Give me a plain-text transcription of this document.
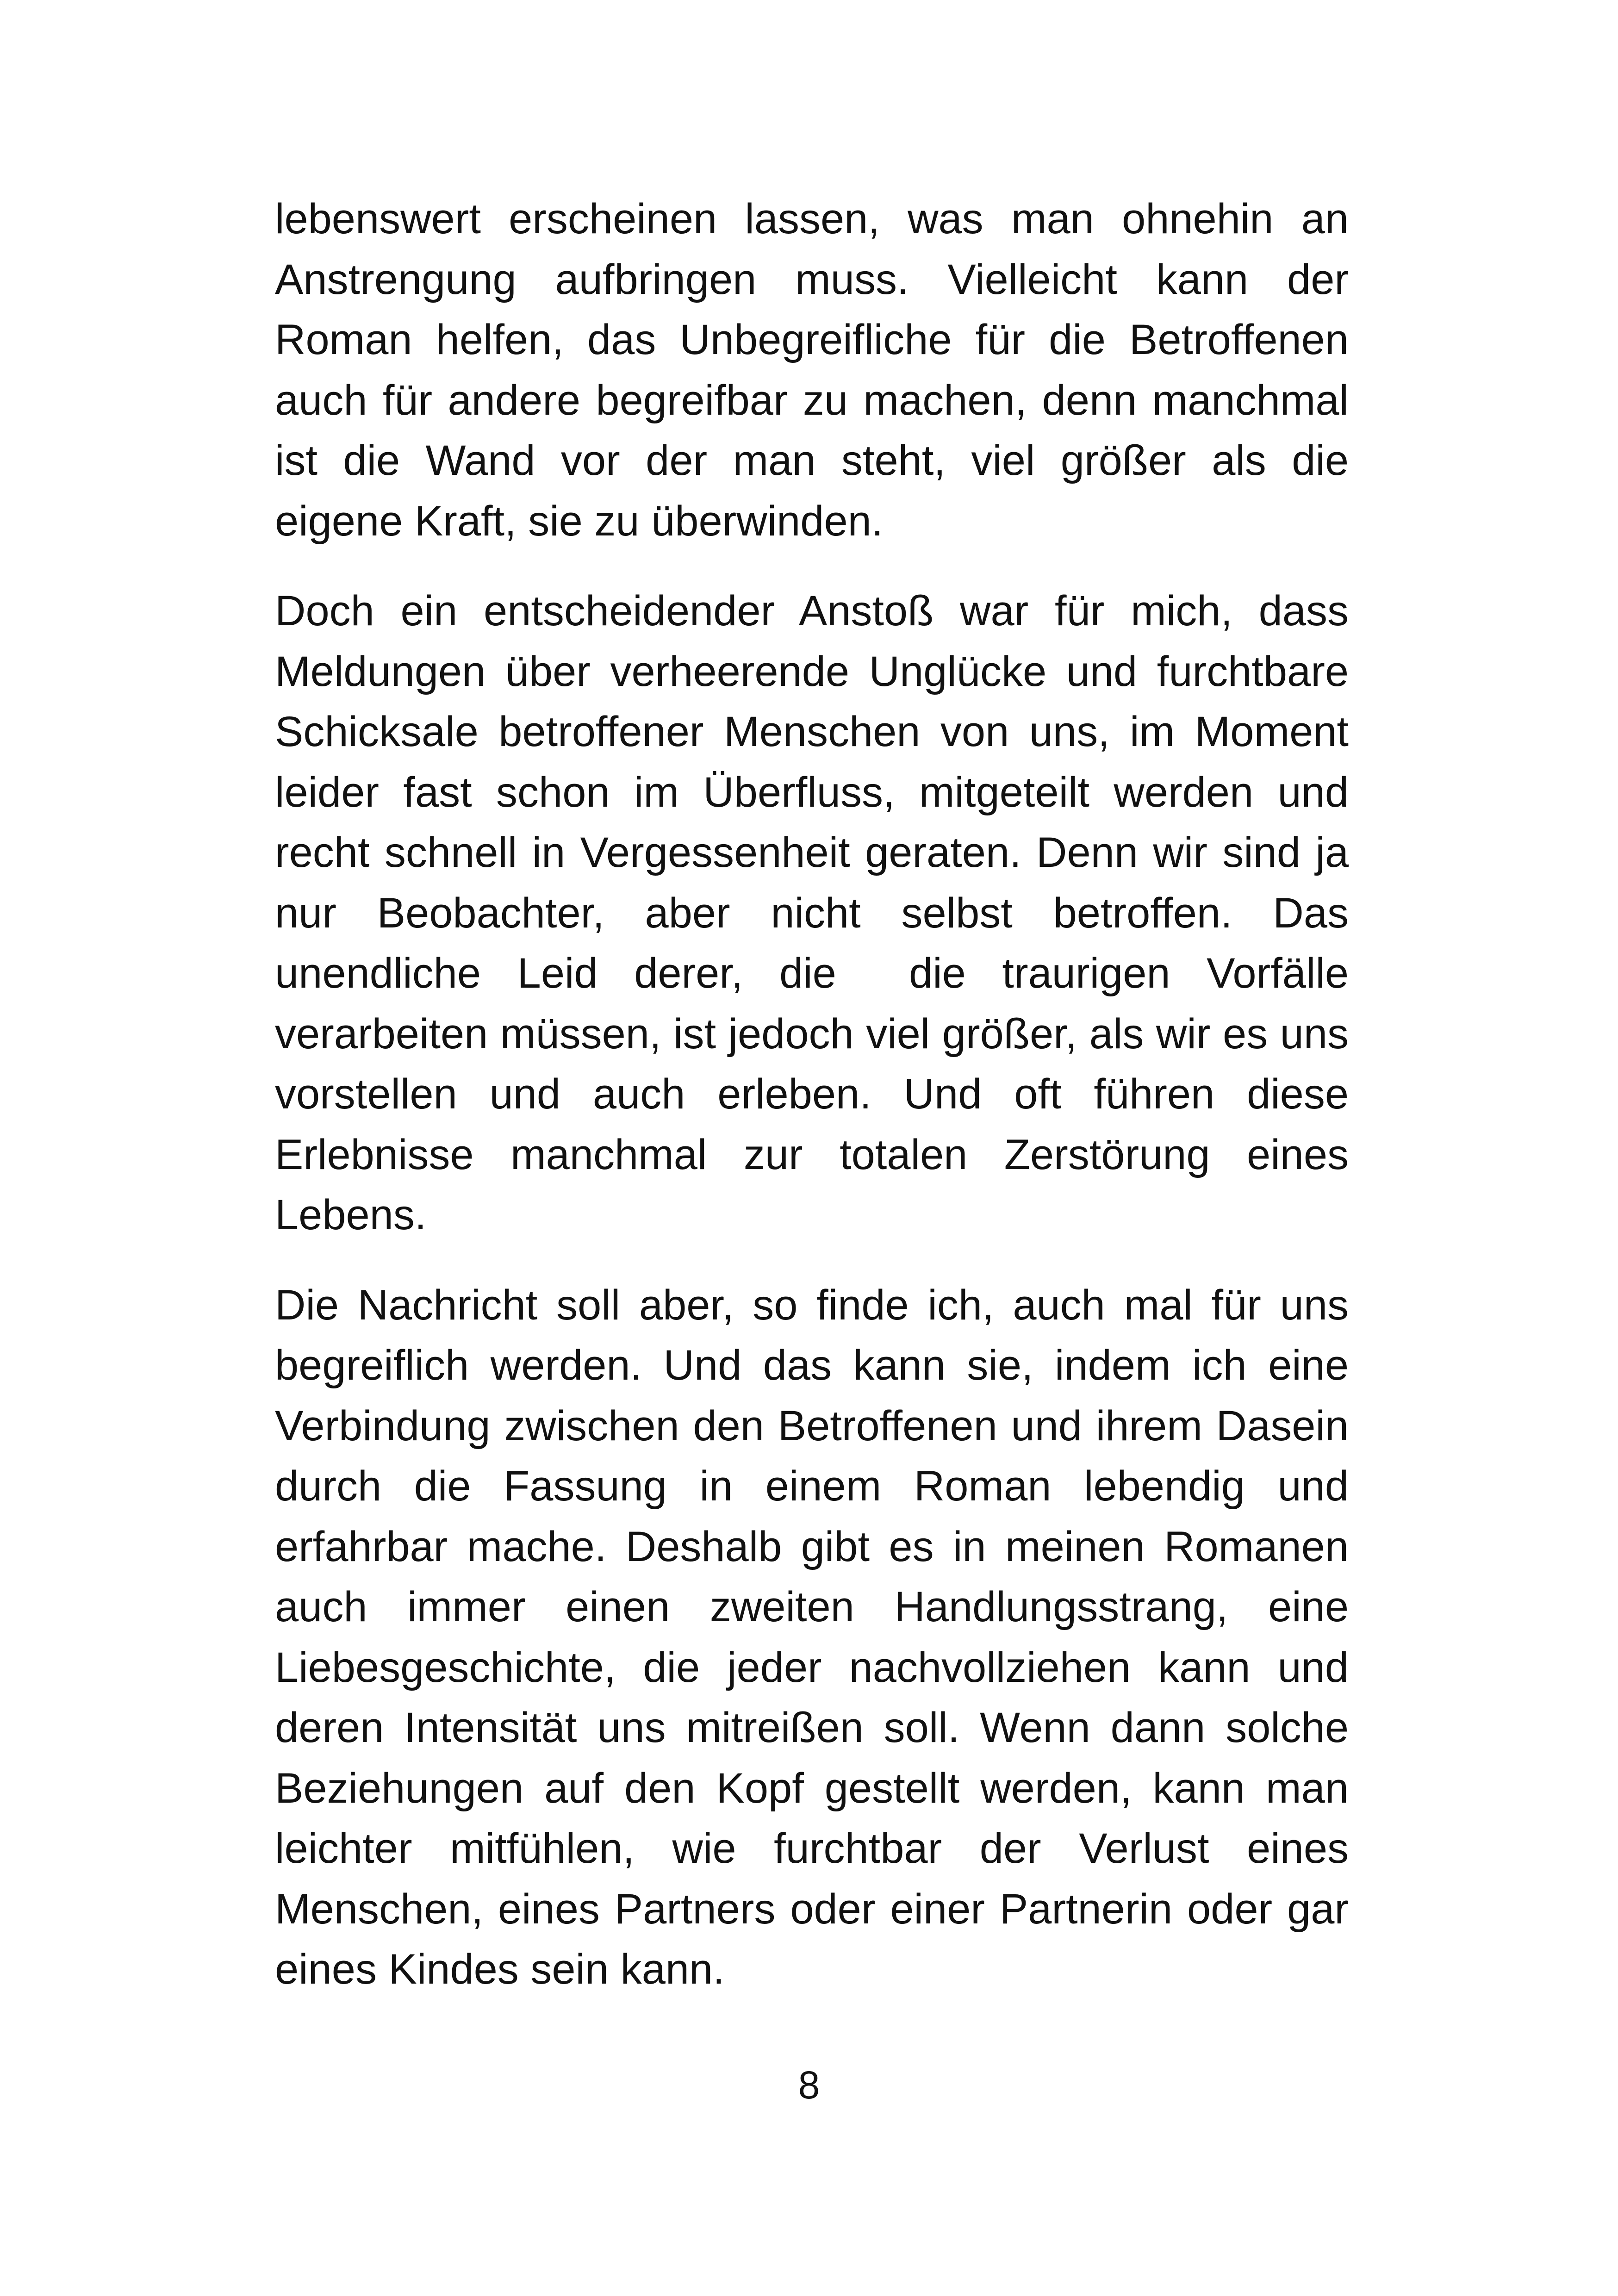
lebenswert erscheinen lassen, was man ohnehin an Anstrengung aufbringen muss. Vielleicht kann der Roman helfen, das Unbegreifliche für die Betroffenen auch für andere begreifbar zu machen, denn manchmal ist die Wand vor der man steht, viel größer als die eigene Kraft, sie zu überwinden.

Doch ein entscheidender Anstoß war für mich, dass Meldungen über verheerende Unglücke und furchtbare Schicksale betroffener Menschen von uns, im Moment leider fast schon im Überfluss, mitgeteilt werden und recht schnell in Vergessenheit geraten. Denn wir sind ja nur Beobachter, aber nicht selbst betroffen. Das unendliche Leid derer, die  die traurigen Vorfälle verarbeiten müssen, ist jedoch viel größer, als wir es uns vorstellen und auch erleben. Und oft führen diese Erlebnisse manchmal zur totalen Zerstörung eines Lebens.

Die Nachricht soll aber, so finde ich, auch mal für uns begreiflich werden. Und das kann sie, indem ich eine Verbindung zwischen den Betroffenen und ihrem Dasein durch die Fassung in einem Roman lebendig und erfahrbar mache. Deshalb gibt es in meinen Romanen auch immer einen zweiten Handlungsstrang, eine Liebesgeschichte, die jeder nachvollziehen kann und deren Intensität uns mitreißen soll. Wenn dann solche Beziehungen auf den Kopf gestellt werden, kann man leichter mitfühlen, wie furchtbar der Verlust eines Menschen, eines Partners oder einer Partnerin oder gar eines Kindes sein kann.

8
